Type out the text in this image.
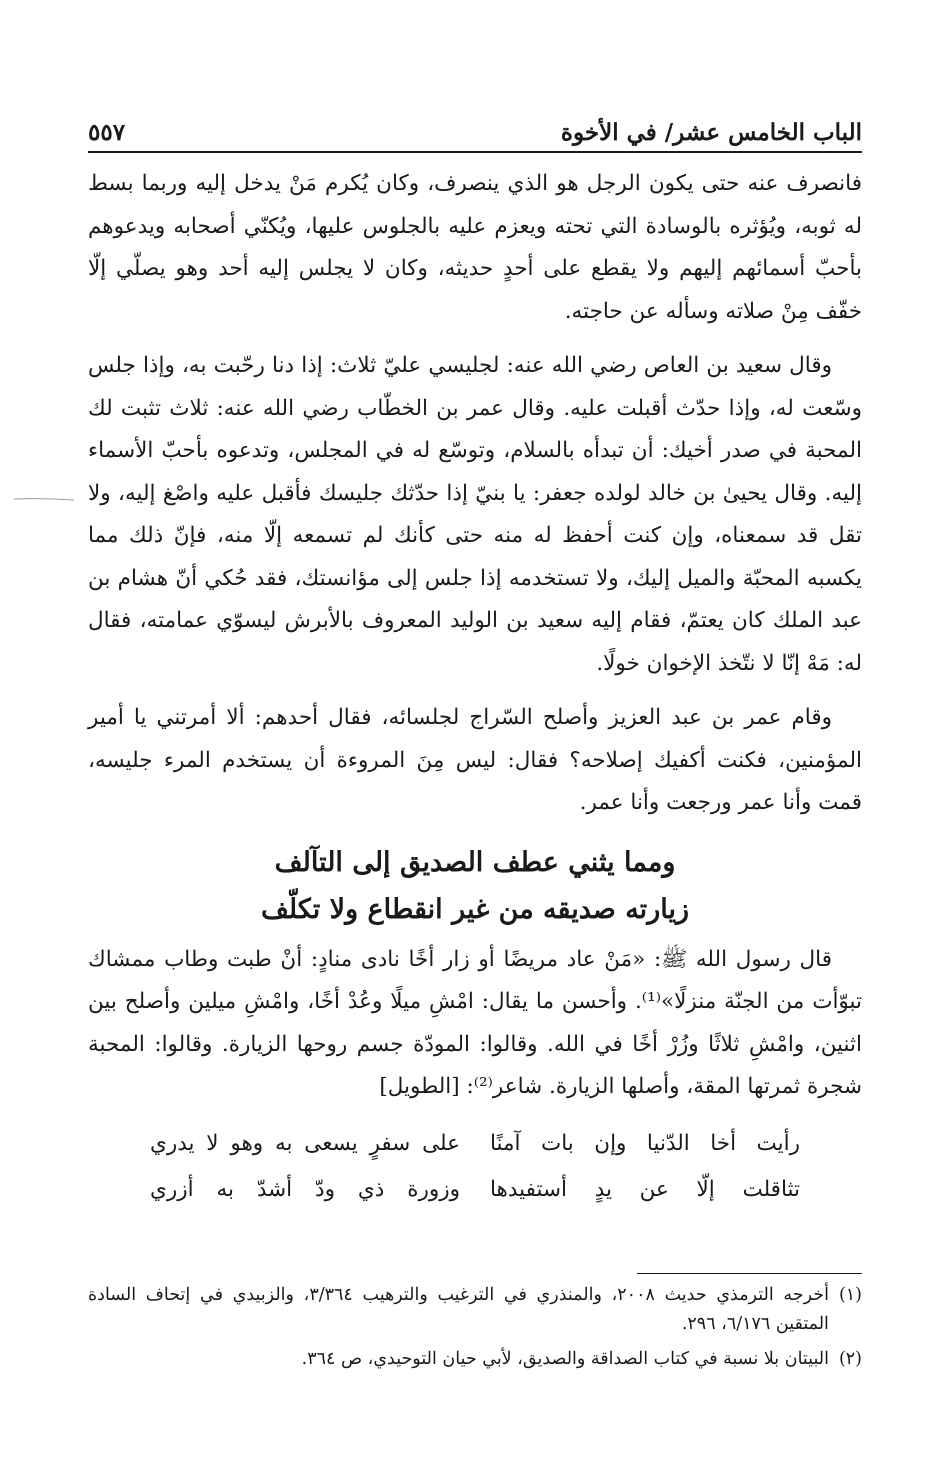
الباب الخامس عشر/ في الأخوة
٥٥٧

فانصرف عنه حتى يكون الرجل هو الذي ينصرف، وكان يُكرم مَنْ يدخل إليه وربما بسط له ثوبه، ويُؤثره بالوسادة التي تحته ويعزم عليه بالجلوس عليها، ويُكنّي أصحابه ويدعوهم بأحبّ أسمائهم إليهم ولا يقطع على أحدٍ حديثه، وكان لا يجلس إليه أحد وهو يصلّي إلّا خفّف مِنْ صلاته وسأله عن حاجته.

وقال سعيد بن العاص رضي الله عنه: لجليسي عليّ ثلاث: إذا دنا رحّبت به، وإذا جلس وسّعت له، وإذا حدّث أقبلت عليه. وقال عمر بن الخطّاب رضي الله عنه: ثلاث تثبت لك المحبة في صدر أخيك: أن تبدأه بالسلام، وتوسّع له في المجلس، وتدعوه بأحبّ الأسماء إليه. وقال يحيىٰ بن خالد لولده جعفر: يا بنيّ إذا حدّثك جليسك فأقبل عليه واصْغ إليه، ولا تقل قد سمعناه، وإن كنت أحفظ له منه حتى كأنك لم تسمعه إلّا منه، فإنّ ذلك مما يكسبه المحبّة والميل إليك، ولا تستخدمه إذا جلس إلى مؤانستك، فقد حُكي أنّ هشام بن عبد الملك كان يعتمّ، فقام إليه سعيد بن الوليد المعروف بالأبرش ليسوّي عمامته، فقال له: مَهْ إنّا لا نتّخذ الإخوان خولًا.

وقام عمر بن عبد العزيز وأصلح السّراج لجلسائه، فقال أحدهم: ألا أمرتني يا أمير المؤمنين، فكنت أكفيك إصلاحه؟ فقال: ليس مِنَ المروءة أن يستخدم المرء جليسه، قمت وأنا عمر ورجعت وأنا عمر.

ومما يثني عطف الصديق إلى التآلف
زيارته صديقه من غير انقطاع ولا تكلّف

قال رسول الله ﷺ: «مَنْ عاد مريضًا أو زار أخًا نادى منادٍ: أنْ طبت وطاب ممشاك تبوّأت من الجنّة منزلًا»⁽¹⁾. وأحسن ما يقال: امْشِ ميلًا وعُدْ أخًا، وامْشِ ميلين وأصلح بين اثنين، وامْشِ ثلاثًا وزُرْ أخًا في الله. وقالوا: المودّة جسم روحها الزيارة. وقالوا: المحبة شجرة ثمرتها المقة، وأصلها الزيارة. شاعر⁽²⁾: [الطويل]

رأيت أخا الدّنيا وإن بات آمنًا
على سفرٍ يسعى به وهو لا يدري
تثاقلت إلّا عن يدٍ أستفيدها
وزورة ذي ودّ أشدّ به أزري
(١)
أخرجه الترمذي حديث ٢٠٠٨، والمنذري في الترغيب والترهيب ٣/٣٦٤، والزبيدي في إتحاف السادة المتقين ٦/١٧٦، ٢٩٦.
(٢)
البيتان بلا نسبة في كتاب الصداقة والصديق، لأبي حيان التوحيدي، ص ٣٦٤.
